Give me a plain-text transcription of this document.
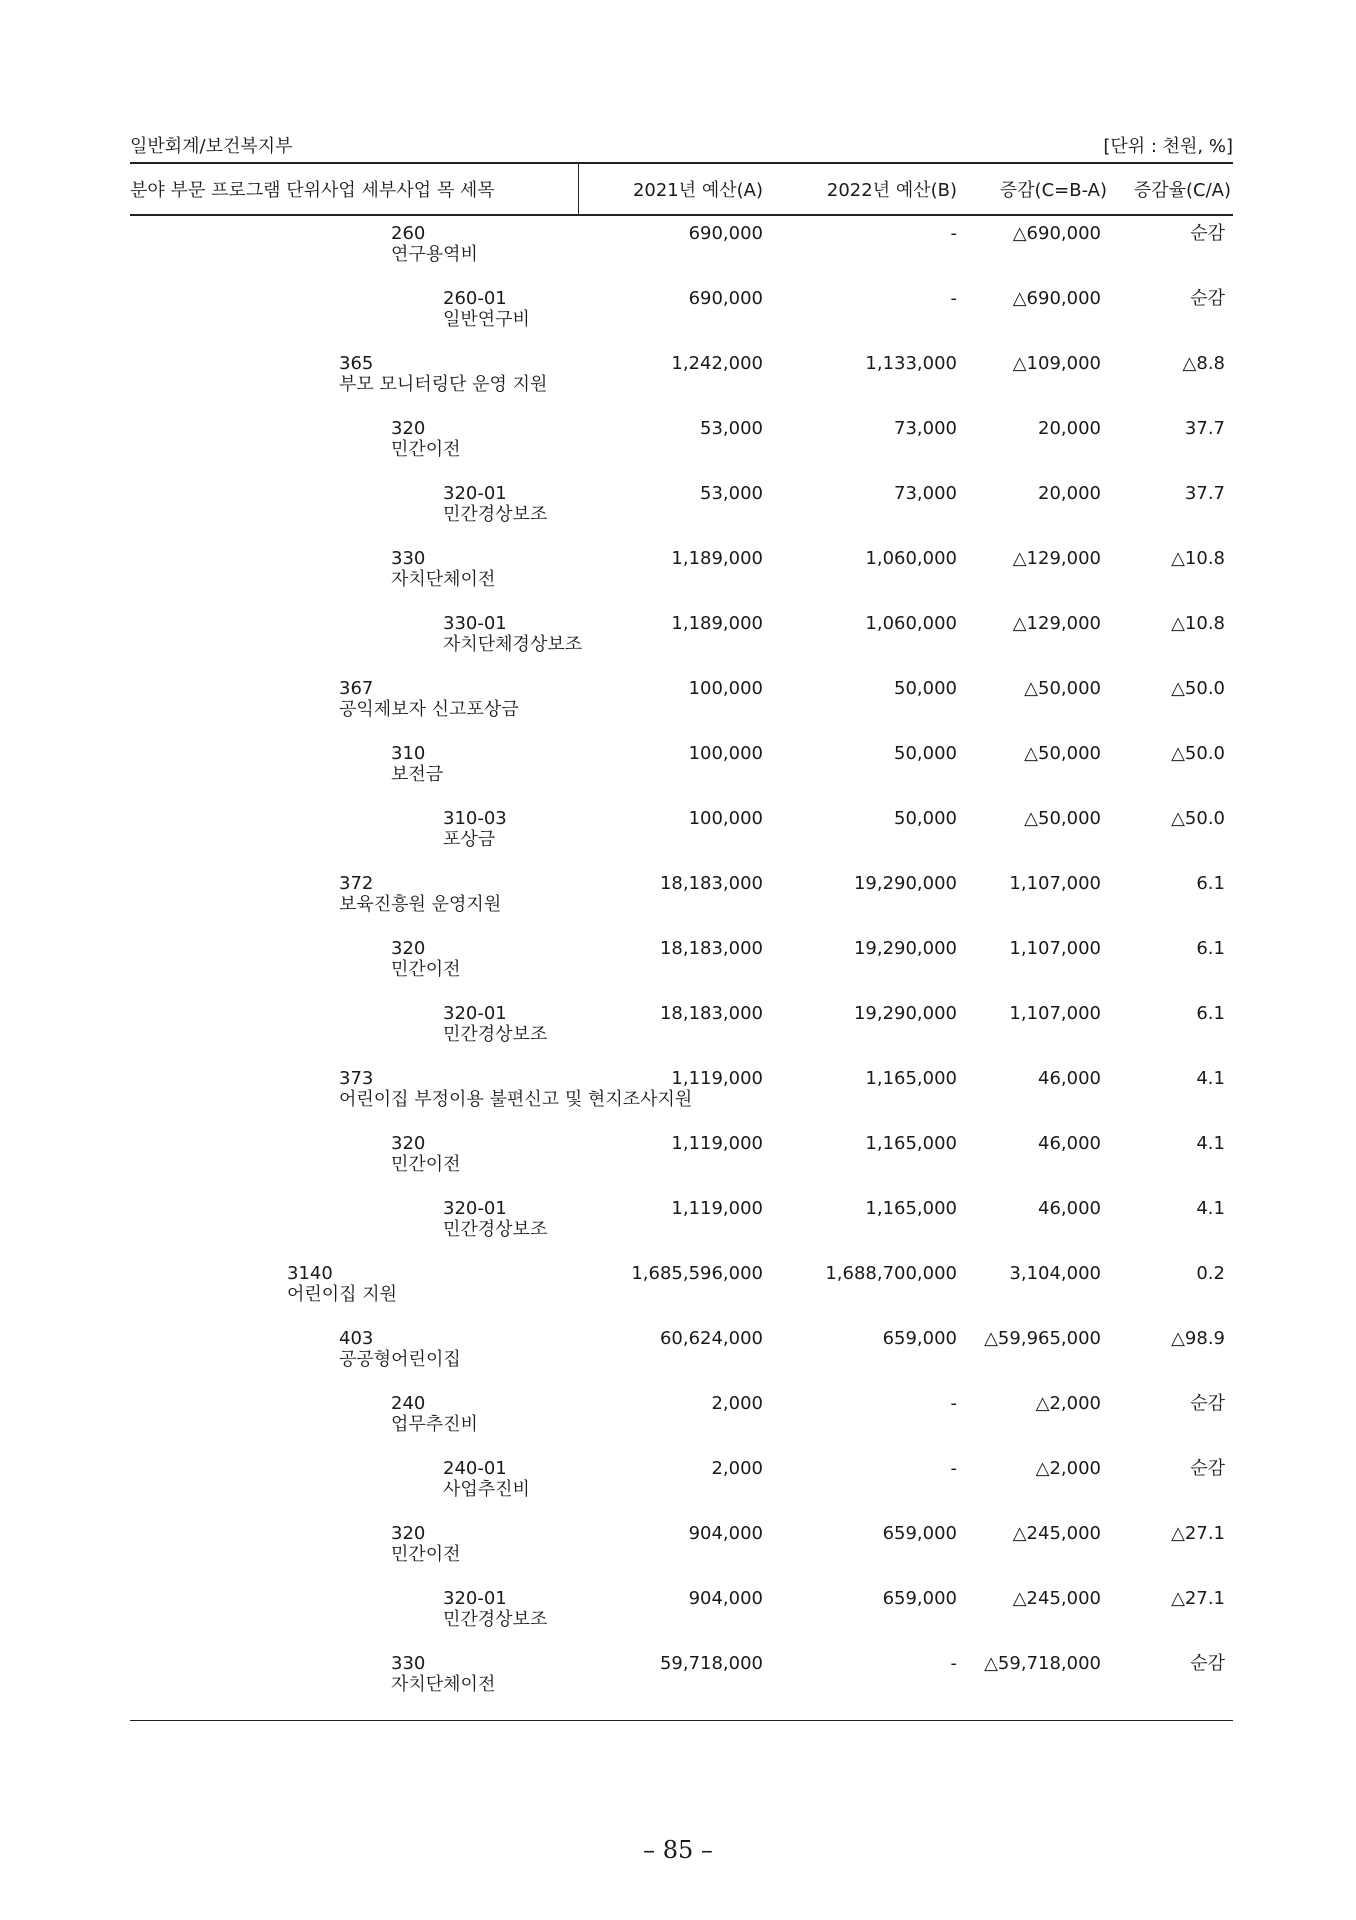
일반회계/보건복지부	[단위 : 천원, %]
분야 부문 프로그램 단위사업 세부사업 목 세목	2021년 예산(A)	2022년 예산(B) 증감(C=B-A) 증감율(C/A)
260
연구용역비
690,000	-	△690,000	순감
260-01
일반연구비
690,000	-	△690,000	순감
365
부모 모니터링단 운영 지원
1,242,000	1,133,000	△109,000	△8.8
320
민간이전
53,000	73,000	20,000	37.7
320-01
민간경상보조
53,000	73,000	20,000	37.7
330
자치단체이전
1,189,000	1,060,000	△129,000	△10.8
330-01
자치단체경상보조
1,189,000	1,060,000	△129,000	△10.8
367
공익제보자 신고포상금
100,000	50,000	△50,000	△50.0
310
보전금
100,000	50,000	△50,000	△50.0
310-03
포상금
100,000	50,000	△50,000	△50.0
372
보육진흥원 운영지원
18,183,000	19,290,000	1,107,000	6.1
320
민간이전
18,183,000	19,290,000	1,107,000	6.1
320-01
민간경상보조
18,183,000	19,290,000	1,107,000	6.1
373
어린이집 부정이용 불편신고 및 현지조사지원
1,119,000	1,165,000	46,000	4.1
320
민간이전
1,119,000	1,165,000	46,000	4.1
320-01
민간경상보조
1,119,000	1,165,000	46,000	4.1
3140
어린이집 지원
1,685,596,000	1,688,700,000	3,104,000	0.2
403
공공형어린이집
60,624,000	659,000 △59,965,000	△98.9
240
업무추진비
2,000	-	△2,000	순감
240-01
사업추진비
2,000	-	△2,000	순감
320
민간이전
904,000	659,000	△245,000	△27.1
320-01
민간경상보조
904,000	659,000	△245,000	△27.1
330
자치단체이전
59,718,000	- △59,718,000	순감
– 85 –
